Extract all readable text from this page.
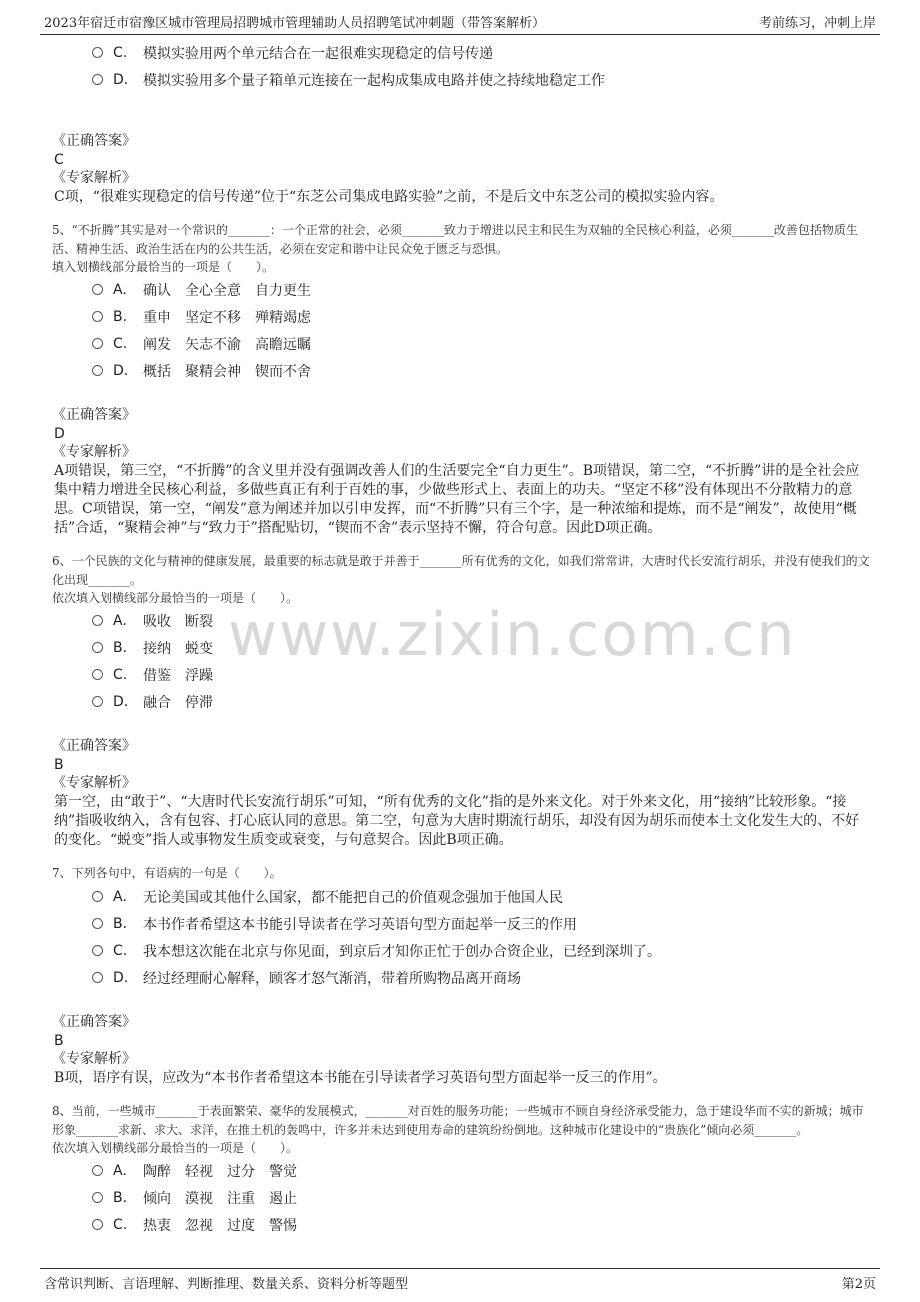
2023年宿迁市宿豫区城市管理局招聘城市管理辅助人员招聘笔试冲刺题（带答案解析）	考前练习，冲刺上岸
www.zixin.com.cn
C.	模拟实验用两个单元结合在一起很难实现稳定的信号传递
D.	模拟实验用多个量子箱单元连接在一起构成集成电路并使之持续地稳定工作
《正确答案》
C
《专家解析》
C项，“很难实现稳定的信号传递”位于“东芝公司集成电路实验”之前，不是后文中东芝公司的模拟实验内容。
5、“不折腾”其实是对一个常识的_______：一个正常的社会，必须_______致力于增进以民主和民生为双轴的全民核心利益，必须_______改善包括物质生活、精神生活、政治生活在内的公共生活，必须在安定和谐中让民众免于匮乏与恐惧。
填入划横线部分最恰当的一项是（　　）。
A.	确认　全心全意　自力更生
B.	重申　坚定不移　殚精竭虑
C.	阐发　矢志不渝　高瞻远瞩
D.	概括　聚精会神　锲而不舍
《正确答案》
D
《专家解析》
A项错误，第三空，“不折腾”的含义里并没有强调改善人们的生活要完全“自力更生”。B项错误，第二空，“不折腾”讲的是全社会应集中精力增进全民核心利益，多做些真正有利于百姓的事，少做些形式上、表面上的功夫。“坚定不移”没有体现出不分散精力的意思。C项错误，第一空，“阐发”意为阐述并加以引申发挥，而“不折腾”只有三个字，是一种浓缩和提炼，而不是“阐发”，故使用“概括”合适，“聚精会神”与“致力于”搭配贴切，“锲而不舍”表示坚持不懈，符合句意。因此D项正确。
6、一个民族的文化与精神的健康发展，最重要的标志就是敢于并善于_______所有优秀的文化，如我们常常讲，大唐时代长安流行胡乐，并没有使我们的文化出现_______。
依次填入划横线部分最恰当的一项是（　　）。
A.	吸收　断裂
B.	接纳　蜕变
C.	借鉴　浮躁
D.	融合　停滞
《正确答案》
B
《专家解析》
第一空，由“敢于”、“大唐时代长安流行胡乐”可知，“所有优秀的文化”指的是外来文化。对于外来文化，用“接纳”比较形象。“接纳”指吸收纳入，含有包容、打心底认同的意思。第二空，句意为大唐时期流行胡乐，却没有因为胡乐而使本土文化发生大的、不好的变化。“蜕变”指人或事物发生质变或衰变，与句意契合。因此B项正确。
7、下列各句中，有语病的一句是（　　）。
A.	无论美国或其他什么国家，都不能把自己的价值观念强加于他国人民
B.	本书作者希望这本书能引导读者在学习英语句型方面起举一反三的作用
C.	我本想这次能在北京与你见面，到京后才知你正忙于创办合资企业，已经到深圳了。
D.	经过经理耐心解释，顾客才怒气渐消，带着所购物品离开商场
《正确答案》
B
《专家解析》
B项，语序有误，应改为“本书作者希望这本书能在引导读者学习英语句型方面起举一反三的作用”。
8、当前，一些城市_______于表面繁荣、豪华的发展模式，_______对百姓的服务功能；一些城市不顾自身经济承受能力，急于建设华而不实的新城；城市形象_______求新、求大、求洋，在推土机的轰鸣中，许多并未达到使用寿命的建筑纷纷倒地。这种城市化建设中的“贵族化”倾向必须_______。
依次填入划横线部分最恰当的一项是（　　）。
A.	陶醉　轻视　过分　警觉
B.	倾向　漠视　注重　遏止
C.	热衷　忽视　过度　警惕
含常识判断、言语理解、判断推理、数量关系、资料分析等题型	第2页
